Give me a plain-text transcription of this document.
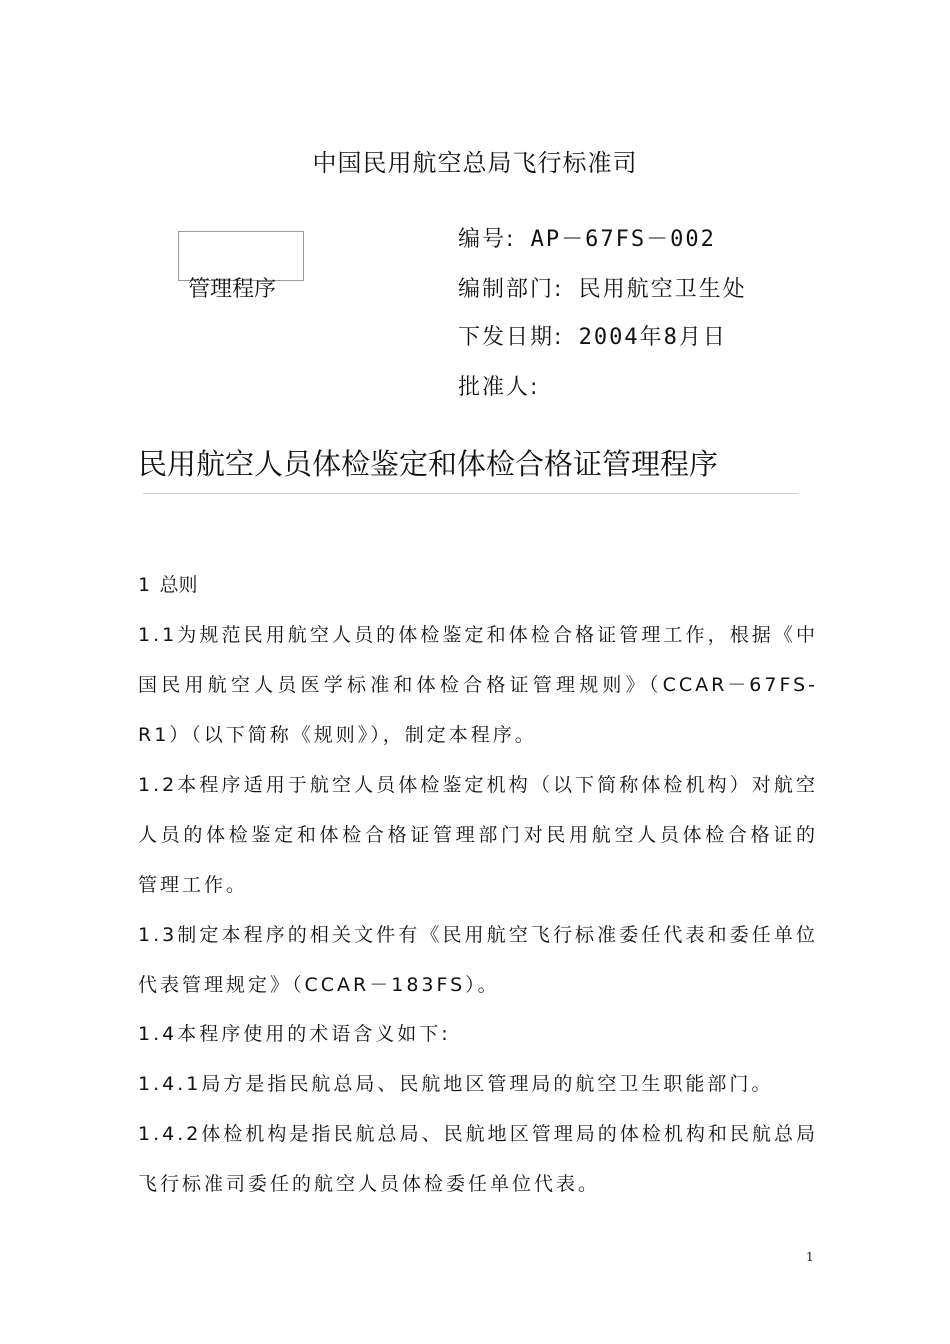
中国民用航空总局飞行标准司
管理程序
编号: AP－67FS－002
编制部门: 民用航空卫生处
下发日期: 2004年8月日
批准人:
民用航空人员体检鉴定和体检合格证管理程序
1 总则
1.1为规范民用航空人员的体检鉴定和体检合格证管理工作，根据《中国民用航空人员医学标准和体检合格证管理规则》（CCAR－67FS-R1）（以下简称《规则》），制定本程序。
1.2本程序适用于航空人员体检鉴定机构（以下简称体检机构）对航空人员的体检鉴定和体检合格证管理部门对民用航空人员体检合格证的管理工作。
1.3制定本程序的相关文件有《民用航空飞行标准委任代表和委任单位代表管理规定》（CCAR－183FS）。
1.4本程序使用的术语含义如下:
1.4.1局方是指民航总局、民航地区管理局的航空卫生职能部门。
1.4.2体检机构是指民航总局、民航地区管理局的体检机构和民航总局飞行标准司委任的航空人员体检委任单位代表。
1
